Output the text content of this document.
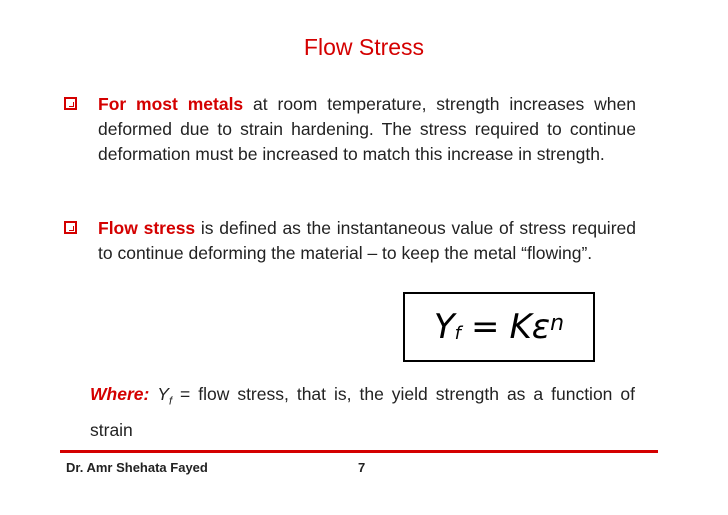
Flow Stress
For most metals at room temperature, strength increases when deformed due to strain hardening. The stress required to continue deformation must be increased to match this increase in strength.
Flow stress is defined as the instantaneous value of stress required to continue deforming the material – to keep the metal “flowing”.
$Y_f = K$ $\varepsilon^n$
Where: $Y_f$ = flow stress, that is, the yield strength as a function of strain
Dr. Amr Shehata Fayed	7
